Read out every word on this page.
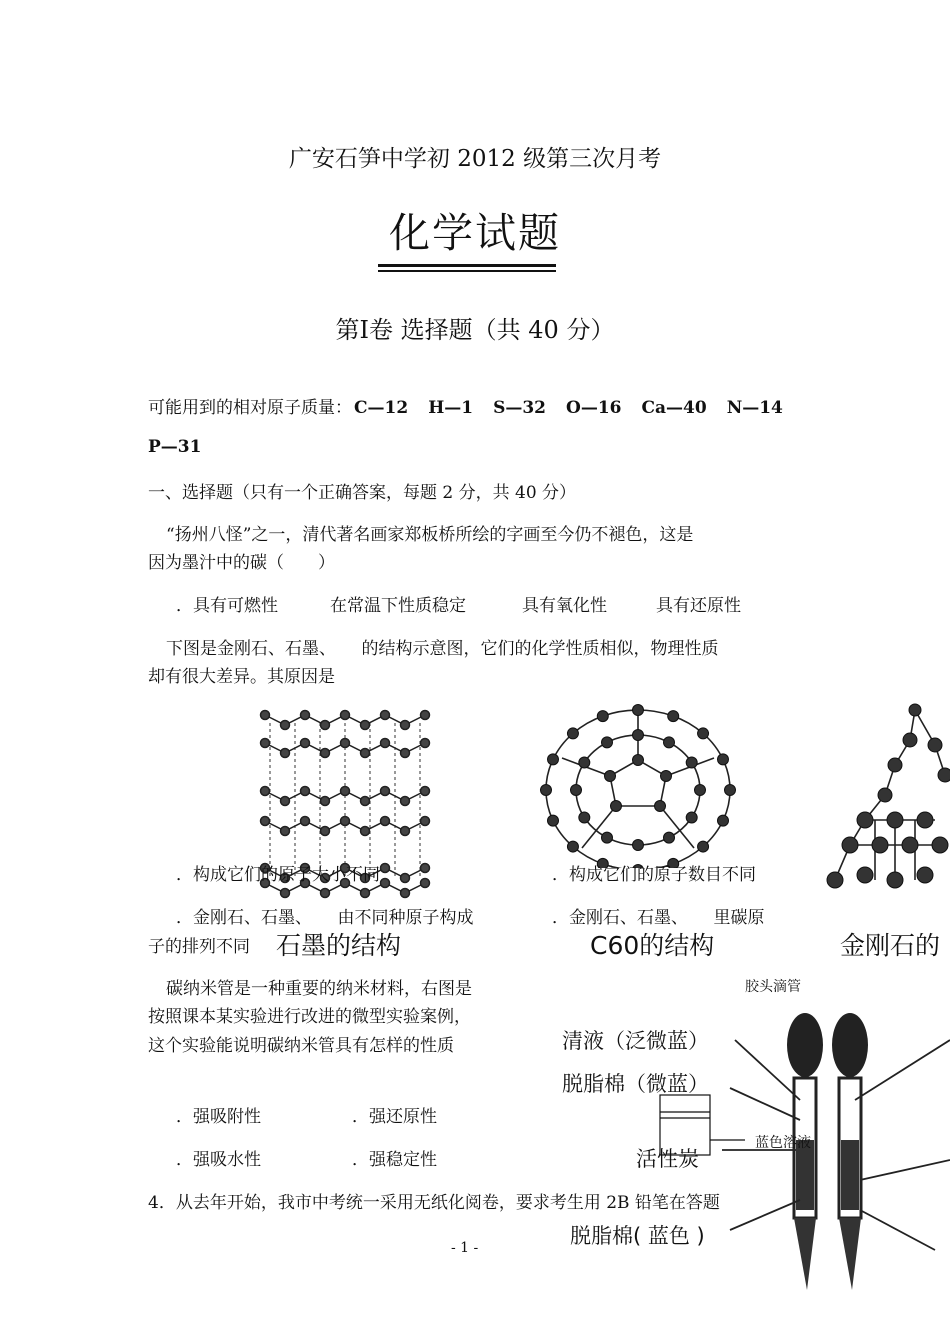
广安石笋中学初 2012 级第三次月考
化学试题
第Ⅰ卷 选择题（共 40 分）
可能用到的相对原子质量： C—12 H—1 S—32 O—16 Ca—40 N—14
P—31
一、选择题（只有一个正确答案，每题 2 分，共 40 分）
“扬州八怪”之一，清代著名画家郑板桥所绘的字画至今仍不褪色，这是
因为墨汁中的碳（　　）
．具有可燃性	在常温下性质稳定	具有氧化性	具有还原性
下图是金刚石、石墨、　　的结构示意图，它们的化学性质相似，物理性质
却有很大差异。其原因是
．构成它们的原子大小不同	．构成它们的原子数目不同
．金刚石、石墨、　　由不同种原子构成	．金刚石、石墨、　　里碳原
子的排列不同 石墨的结构	C60的结构	金刚石的
碳纳米管是一种重要的纳米材料，右图是
按照课本某实验进行改进的微型实验案例，
这个实验能说明碳纳米管具有怎样的性质
胶头滴管
清液（泛微蓝）
脱脂棉（微蓝）
活性炭
蓝色溶液
脱脂棉( 蓝色 )
．强吸附性	．强还原性
．强吸水性	．强稳定性
4．从去年开始，我市中考统一采用无纸化阅卷，要求考生用 2B 铅笔在答题
- 1 -
